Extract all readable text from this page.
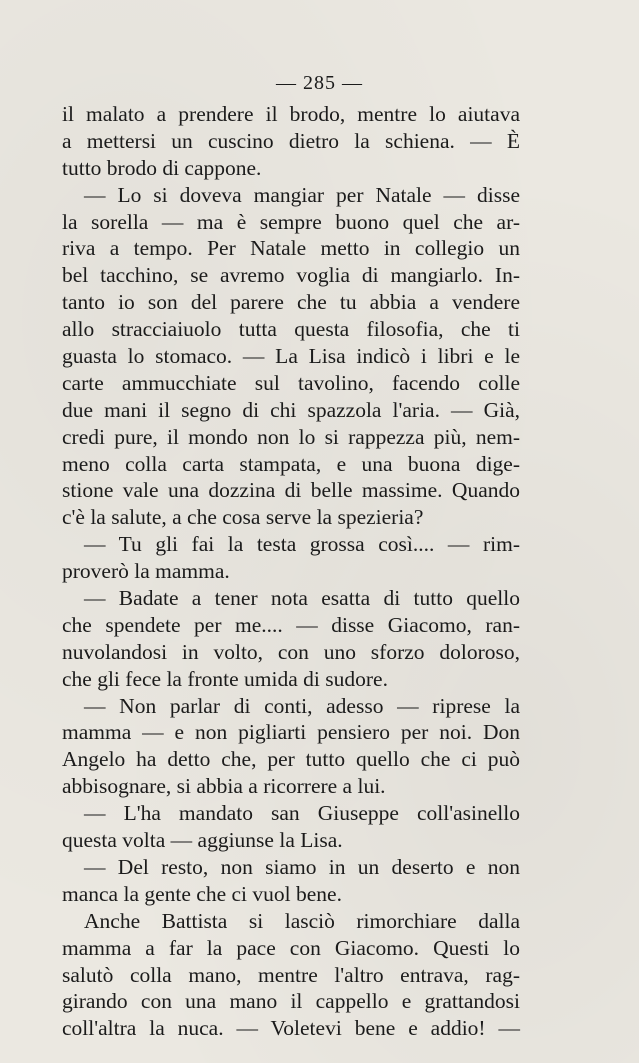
— 285 —
il malato a prendere il brodo, mentre lo aiutava
a mettersi un cuscino dietro la schiena. — È
tutto brodo di cappone.
— Lo si doveva mangiar per Natale — disse
la sorella — ma è sempre buono quel che ar-
riva a tempo. Per Natale metto in collegio un
bel tacchino, se avremo voglia di mangiarlo. In-
tanto io son del parere che tu abbia a vendere
allo stracciaiuolo tutta questa filosofia, che ti
guasta lo stomaco. — La Lisa indicò i libri e le
carte ammucchiate sul tavolino, facendo colle
due mani il segno di chi spazzola l'aria. — Già,
credi pure, il mondo non lo si rappezza più, nem-
meno colla carta stampata, e una buona dige-
stione vale una dozzina di belle massime. Quando
c'è la salute, a che cosa serve la spezieria?
— Tu gli fai la testa grossa così.... — rim-
proverò la mamma.
— Badate a tener nota esatta di tutto quello
che spendete per me.... — disse Giacomo, ran-
nuvolandosi in volto, con uno sforzo doloroso,
che gli fece la fronte umida di sudore.
— Non parlar di conti, adesso — riprese la
mamma — e non pigliarti pensiero per noi. Don
Angelo ha detto che, per tutto quello che ci può
abbisognare, si abbia a ricorrere a lui.
— L'ha mandato san Giuseppe coll'asinello
questa volta — aggiunse la Lisa.
— Del resto, non siamo in un deserto e non
manca la gente che ci vuol bene.
Anche Battista si lasciò rimorchiare dalla
mamma a far la pace con Giacomo. Questi lo
salutò colla mano, mentre l'altro entrava, rag-
girando con una mano il cappello e grattandosi
coll'altra la nuca. — Voletevi bene e addio! —
